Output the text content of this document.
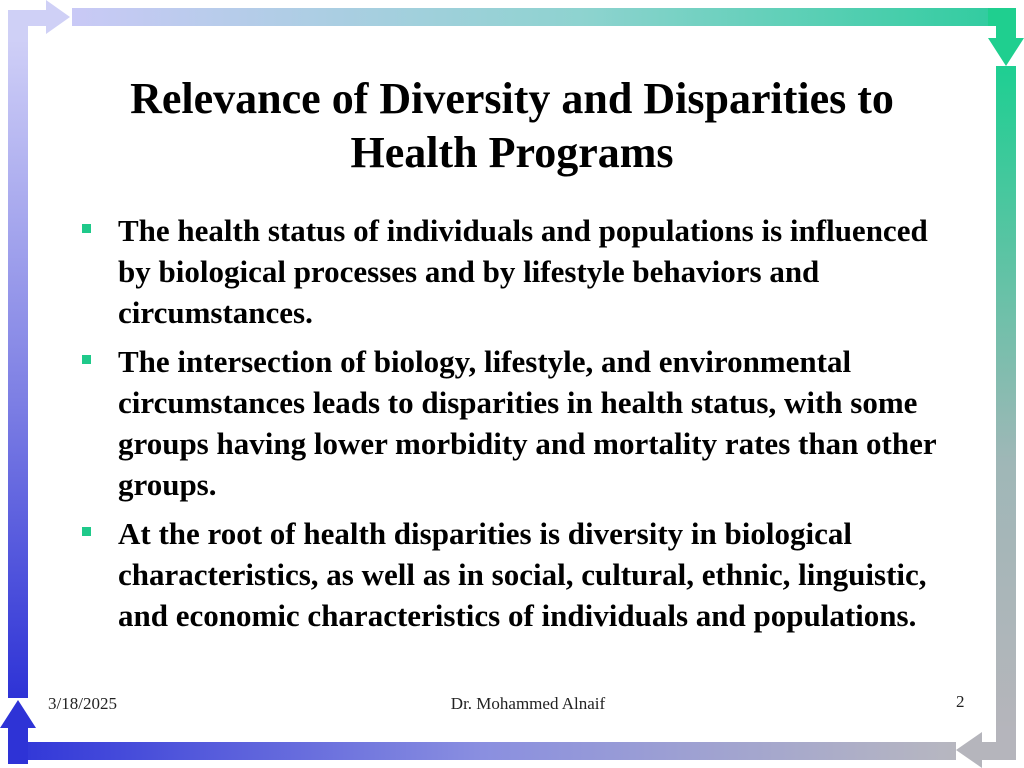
Relevance of Diversity and Disparities to
Health Programs
The health status of individuals and populations is influenced by biological processes and by lifestyle behaviors and circumstances.
The intersection of biology, lifestyle, and environmental circumstances leads to disparities in health status, with some groups having lower morbidity and mortality rates than other groups.
At the root of health disparities is diversity in biological characteristics, as well as in social, cultural, ethnic, linguistic, and economic characteristics of individuals and populations.
3/18/2025	Dr. Mohammed Alnaif	2
